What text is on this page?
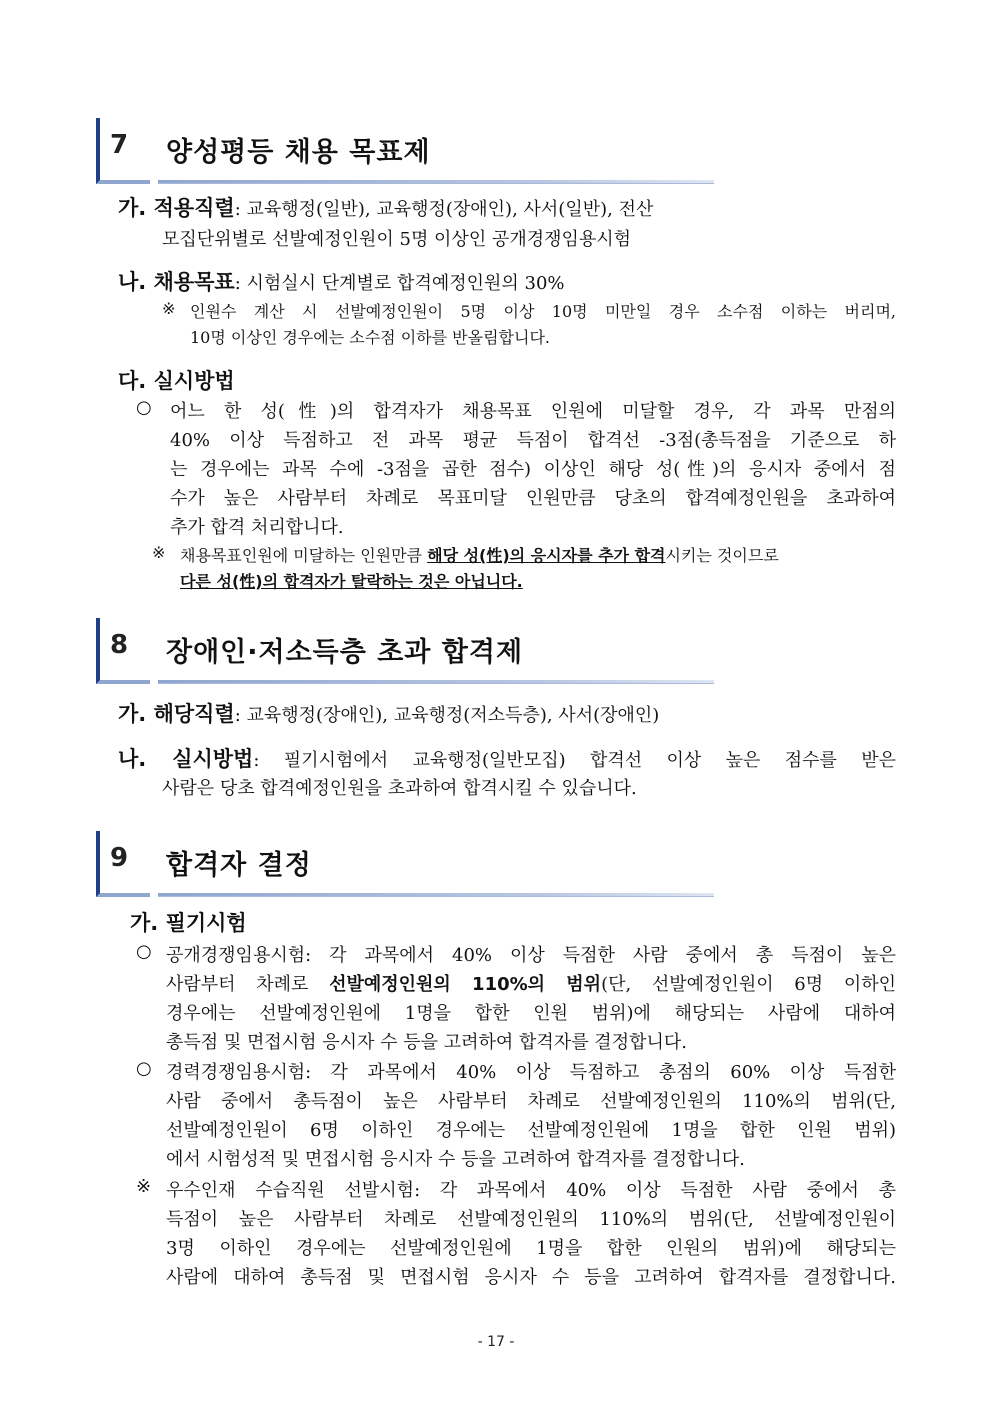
7 양성평등 채용 목표제
가. 적용직렬: 교육행정(일반), 교육행정(장애인), 사서(일반), 전산
모집단위별로 선발예정인원이 5명 이상인 공개경쟁임용시험
나. 채용목표: 시험실시 단계별로 합격예정인원의 30%
※ 인원수 계산 시 선발예정인원이 5명 이상 10명 미만일 경우 소수점 이하는 버리며,
10명 이상인 경우에는 소수점 이하를 반올림합니다.
다. 실시방법
○ 어느 한 성(性)의 합격자가 채용목표 인원에 미달할 경우, 각 과목 만점의
40% 이상 득점하고 전 과목 평균 득점이 합격선 -3점(총득점을 기준으로 하
는 경우에는 과목 수에 -3점을 곱한 점수) 이상인 해당 성(性)의 응시자 중에서 점
수가 높은 사람부터 차례로 목표미달 인원만큼 당초의 합격예정인원을 초과하여
추가 합격 처리합니다.
※ 채용목표인원에 미달하는 인원만큼 해당 성(性)의 응시자를 추가 합격시키는 것이므로
다른 성(性)의 합격자가 탈락하는 것은 아닙니다.
8 장애인·저소득층 초과 합격제
가. 해당직렬: 교육행정(장애인), 교육행정(저소득층), 사서(장애인)
나. 실시방법: 필기시험에서 교육행정(일반모집) 합격선 이상 높은 점수를 받은
사람은 당초 합격예정인원을 초과하여 합격시킬 수 있습니다.
9 합격자 결정
가. 필기시험
○ 공개경쟁임용시험: 각 과목에서 40% 이상 득점한 사람 중에서 총 득점이 높은
사람부터 차례로 선발예정인원의 110%의 범위(단, 선발예정인원이 6명 이하인
경우에는 선발예정인원에 1명을 합한 인원 범위)에 해당되는 사람에 대하여
총득점 및 면접시험 응시자 수 등을 고려하여 합격자를 결정합니다.
○ 경력경쟁임용시험: 각 과목에서 40% 이상 득점하고 총점의 60% 이상 득점한
사람 중에서 총득점이 높은 사람부터 차례로 선발예정인원의 110%의 범위(단,
선발예정인원이 6명 이하인 경우에는 선발예정인원에 1명을 합한 인원 범위)
에서 시험성적 및 면접시험 응시자 수 등을 고려하여 합격자를 결정합니다.
※ 우수인재 수습직원 선발시험: 각 과목에서 40% 이상 득점한 사람 중에서 총
득점이 높은 사람부터 차례로 선발예정인원의 110%의 범위(단, 선발예정인원이
3명 이하인 경우에는 선발예정인원에 1명을 합한 인원의 범위)에 해당되는
사람에 대하여 총득점 및 면접시험 응시자 수 등을 고려하여 합격자를 결정합니다.
- 17 -
